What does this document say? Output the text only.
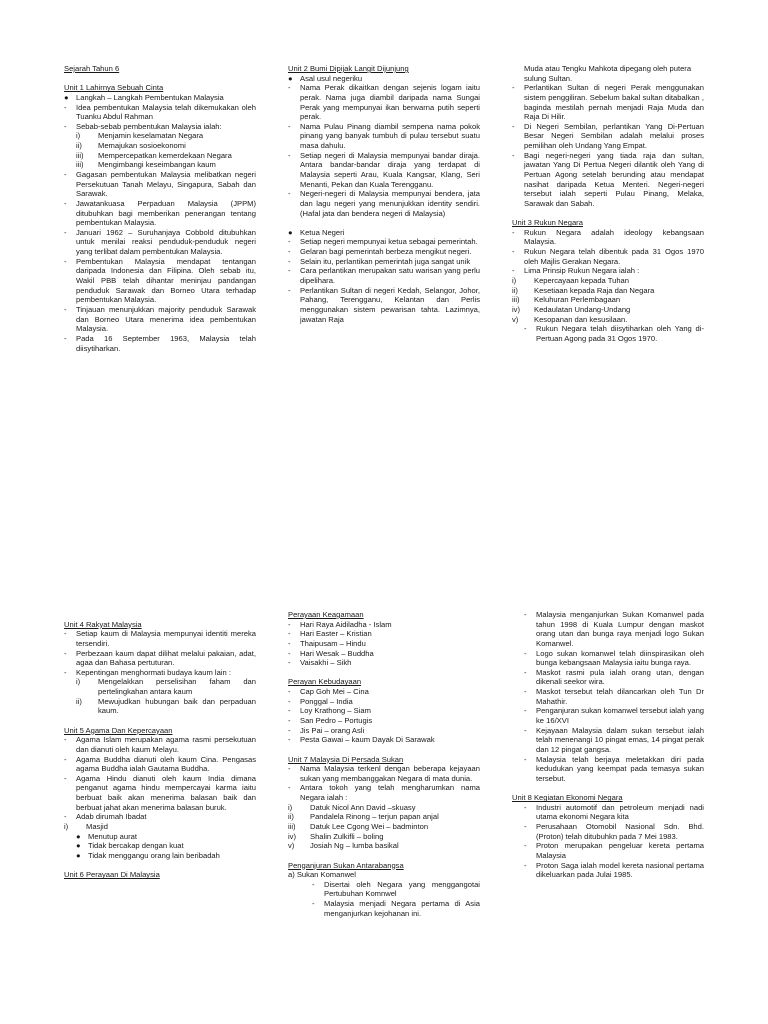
Sejarah Tahun 6

Unit 1 Lahirnya Sebuah Cinta

● Langkah – Langkah Pembentukan Malaysia
-	Idea pembentukan Malaysia telah dikemukakan oleh Tuanku Abdul Rahman
-	Sebab-sebab pembentukan Malaysia ialah:
i)	Menjamin keselamatan Negara
ii)	Memajukan sosioekonomi
iii)	Mempercepatkan kemerdekaan Negara
iii)	Mengimbangi keseimbangan kaum
-	Gagasan pembentukan Malaysia melibatkan negeri Persekutuan Tanah Melayu, Singapura, Sabah dan Sarawak.
-	Jawatankuasa Perpaduan Malaysia (JPPM) ditubuhkan bagi memberikan penerangan tentang pembentukan Malaysia.
-	Januari 1962 – Suruhanjaya Cobbold ditubuhkan untuk menilai reaksi penduduk-penduduk negeri yang terlibat dalam pembentukan Malaysia.
-	Pembentukan Malaysia mendapat tentangan daripada Indonesia dan Filipina. Oleh sebab itu, Wakil PBB telah dihantar meninjau pandangan penduduk Sarawak dan Borneo Utara terhadap pembentukan Malaysia.
-	Tinjauan menunjukkan majority penduduk Sarawak dan Borneo Utara menerima idea pembentukan Malaysia.
-	Pada 16 September 1963, Malaysia telah diisytiharkan.

Unit 2 Bumi Dipijak Langit Dijunjung

● Asal usul negeriku
-	Nama Perak dikaitkan dengan sejenis logam iaitu perak. Nama juga diambil daripada nama Sungai Perak yang mempunyai ikan berwarna putih seperti perak.
-	Nama Pulau Pinang diambil sempena nama pokok pinang yang banyak tumbuh di pulau tersebut suatu masa dahulu.
-	Setiap negeri di Malaysia mempunyai bandar diraja. Antara bandar-bandar diraja yang terdapat di Malaysia seperti Arau, Kuala Kangsar, Klang, Seri Menanti, Pekan dan Kuala Terengganu.
-	Negeri-negeri di Malaysia mempunyai bendera, jata dan lagu negeri yang menunjukkan identity sendiri. (Hafal jata dan bendera negeri di Malaysia)
● Ketua Negeri
-	Setiap negeri mempunyai ketua sebagai pemerintah.
-	Gelaran bagi pemerintah berbeza mengikut negeri.
-	Selain itu, perlantikan pemerintah juga sangat unik
-	Cara perlantikan merupakan satu warisan yang perlu dipelihara.
-	Perlantikan Sultan di negeri Kedah, Selangor, Johor, Pahang, Terengganu, Kelantan dan Perlis menggunakan sistem pewarisan tahta. Lazimnya, jawatan Raja

Muda atau Tengku Mahkota dipegang oleh putera sulung Sultan.

-	Perlantikan Sultan di negeri Perak menggunakan sistem penggiliran. Sebelum bakal sultan ditabalkan , baginda mestilah pernah menjadi Raja Muda dan Raja Di Hilir.
-	Di Negeri Sembilan, perlantikan Yang Di-Pertuan Besar Negeri Sembilan adalah melalui proses pemilihan oleh Undang Yang Empat.
-	Bagi negeri-negeri yang tiada raja dan sultan, jawatan Yang Di Pertua Negeri dilantik oleh Yang di Pertuan Agong setelah berunding atau mendapat nasihat daripada Ketua Menteri. Negeri-negeri tersebut ialah seperti Pulau Pinang, Melaka, Sarawak dan Sabah.

Unit 3 Rukun Negara

-	Rukun Negara adalah ideology kebangsaan Malaysia.
-	Rukun Negara telah dibentuk pada 31 Ogos 1970 oleh Majlis Gerakan Negara.
-	Lima Prinsip Rukun Negara ialah :
i)	Kepercayaan kepada Tuhan
ii)	Kesetiaan kepada Raja dan Negara
iii)	Keluhuran Perlembagaan
iv)	Kedaulatan Undang-Undang
v)	Kesopanan dan kesusilaan.
-	Rukun Negara telah diisytiharkan oleh Yang di-Pertuan Agong pada 31 Ogos 1970.

Unit 4 Rakyat Malaysia

-	Setiap kaum di Malaysia mempunyai identiti mereka tersendiri.
-	Perbezaan kaum dapat dilihat melalui pakaian, adat, agaa dan Bahasa pertuturan.
-	Kepentingan menghormati budaya kaum lain :
i)	Mengelakkan perselisihan faham dan pertelingkahan antara kaum
ii)	Mewujudkan hubungan baik dan perpaduan kaum.

Unit 5 Agama Dan Kepercayaan

-	Agama Islam merupakan agama rasmi persekutuan dan dianuti oleh kaum Melayu.
-	Agama Buddha dianuti oleh kaum Cina. Pengasas agama Buddha ialah Gautama Buddha.
-	Agama Hindu dianuti oleh kaum India dimana penganut agama hindu mempercayai karma iaitu berbuat baik akan menerima balasan baik dan berbuat jahat akan menerima balasan buruk.
-	Adab dirumah Ibadat
i)	Masjid
● Menutup aurat
● Tidak bercakap dengan kuat
● Tidak menggangu orang lain beribadah

Unit 6 Perayaan Di Malaysia

Perayaan Keagamaan

-	Hari Raya Aidiladha - Islam
-	Hari Easter – Kristian
-	Thaipusam – Hindu
-	Hari Wesak – Buddha
-	Vaisakhi – Sikh

Perayan Kebudayaan

-	Cap Goh Mei – Cina
-	Ponggal – India
-	Loy Krathong – Siam
-	San Pedro – Portugis
-	Jis Pai – orang Asli
-	Pesta Gawai – kaum Dayak Di Sarawak

Unit 7 Malaysia Di Persada Sukan

-	Nama Malaysia terkenl dengan beberapa kejayaan sukan yang membanggakan Negara di mata dunia.
-	Antara tokoh yang telah mengharumkan nama Negara ialah :
i)	Datuk Nicol Ann David –skuasy
ii)	Pandalela Rinong – terjun papan anjal
iii)	Datuk Lee Cgong Wei – badminton
iv)	Shalin Zulkifli – boling
v)	Josiah Ng – lumba basikal

Penganjuran Sukan Antarabangsa

a) Sukan Komanwel

-	Disertai oleh Negara yang menggangotai Pertubuhan Komnwel
-	Malaysia menjadi Negara pertama di Asia menganjurkan kejohanan ini.
-	Malaysia menganjurkan Sukan Komanwel pada tahun 1998 di Kuala Lumpur dengan maskot orang utan dan bunga raya menjadi logo Sukan Komanwel.
-	Logo sukan komanwel telah diinspirasikan oleh bunga kebangsaan Malaysia iaitu bunga raya.
-	Maskot rasmi pula ialah orang utan, dengan dikenali seekor wira.
-	Maskot tersebut telah dilancarkan oleh Tun Dr Mahathir.
-	Penganjuran sukan komanwel tersebut ialah yang ke 16/XVI
-	Kejayaan Malaysia dalam sukan tersebut ialah telah menenangi 10 pingat emas, 14 pingat perak dan 12 pingat gangsa.
-	Malaysia telah berjaya meletakkan diri pada kedudukan yang keempat pada temasya sukan tersebut.

Unit 8 Kegiatan Ekonomi Negara

-	Industri automotif dan petroleum menjadi nadi utama ekonomi Negara kita
-	Perusahaan Otomobil Nasional Sdn. Bhd. (Proton) telah ditubuhkn pada 7 Mei 1983.
-	Proton merupakan pengeluar kereta pertama Malaysia
-	Proton Saga ialah model kereta nasional pertama dikeluarkan pada Julai 1985.
